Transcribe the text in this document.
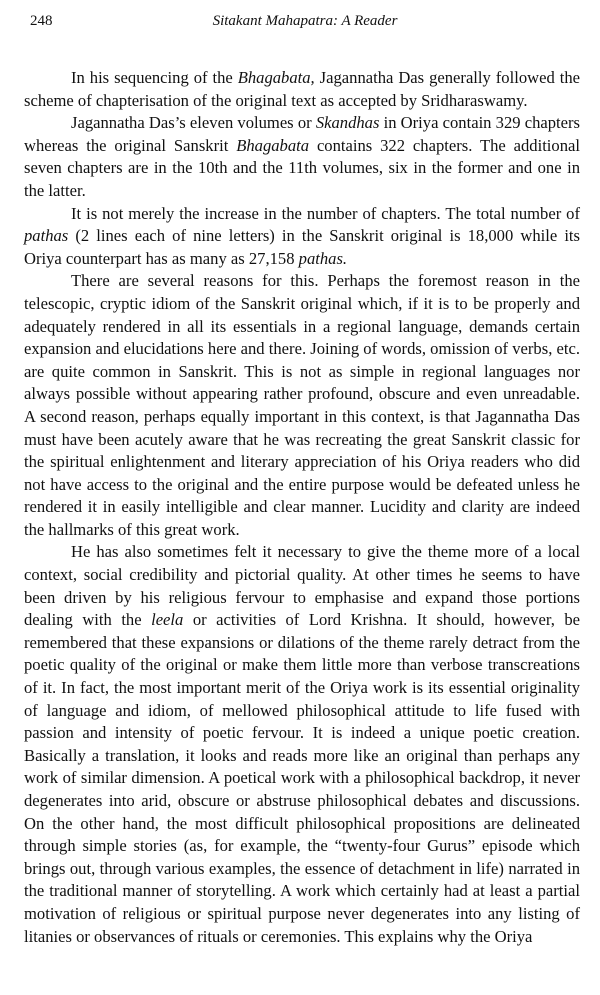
248	Sitakant Mahapatra: A Reader

In his sequencing of the Bhagabata, Jagannatha Das generally followed the scheme of chapterisation of the original text as accepted by Sridharaswamy.

Jagannatha Das’s eleven volumes or Skandhas in Oriya contain 329 chapters whereas the original Sanskrit Bhagabata contains 322 chapters. The additional seven chapters are in the 10th and the 11th volumes, six in the former and one in the latter.

It is not merely the increase in the number of chapters. The total number of pathas (2 lines each of nine letters) in the Sanskrit original is 18,000 while its Oriya counterpart has as many as 27,158 pathas.

There are several reasons for this. Perhaps the foremost reason in the telescopic, cryptic idiom of the Sanskrit original which, if it is to be properly and adequately rendered in all its essentials in a regional language, demands certain expansion and elucidations here and there. Joining of words, omission of verbs, etc. are quite common in Sanskrit. This is not as simple in regional languages nor always possible without appearing rather profound, obscure and even unreadable. A second reason, perhaps equally important in this context, is that Jagannatha Das must have been acutely aware that he was recreating the great Sanskrit classic for the spiritual enlightenment and literary appreciation of his Oriya readers who did not have access to the original and the entire purpose would be defeated unless he rendered it in easily intelligible and clear manner. Lucidity and clarity are indeed the hallmarks of this great work.

He has also sometimes felt it necessary to give the theme more of a local context, social credibility and pictorial quality. At other times he seems to have been driven by his religious fervour to emphasise and expand those portions dealing with the leela or activities of Lord Krishna. It should, however, be remembered that these expansions or dilations of the theme rarely detract from the poetic quality of the original or make them little more than verbose transcreations of it. In fact, the most important merit of the Oriya work is its essential originality of language and idiom, of mellowed philosophical attitude to life fused with passion and intensity of poetic fervour. It is indeed a unique poetic creation. Basically a translation, it looks and reads more like an original than perhaps any work of similar dimension. A poetical work with a philosophical backdrop, it never degenerates into arid, obscure or abstruse philosophical debates and discussions. On the other hand, the most difficult philosophical propositions are delineated through simple stories (as, for example, the “twenty-four Gurus” episode which brings out, through various examples, the essence of detachment in life) narrated in the traditional manner of storytelling. A work which certainly had at least a partial motivation of religious or spiritual purpose never degenerates into any listing of litanies or observances of rituals or ceremonies. This explains why the Oriya
